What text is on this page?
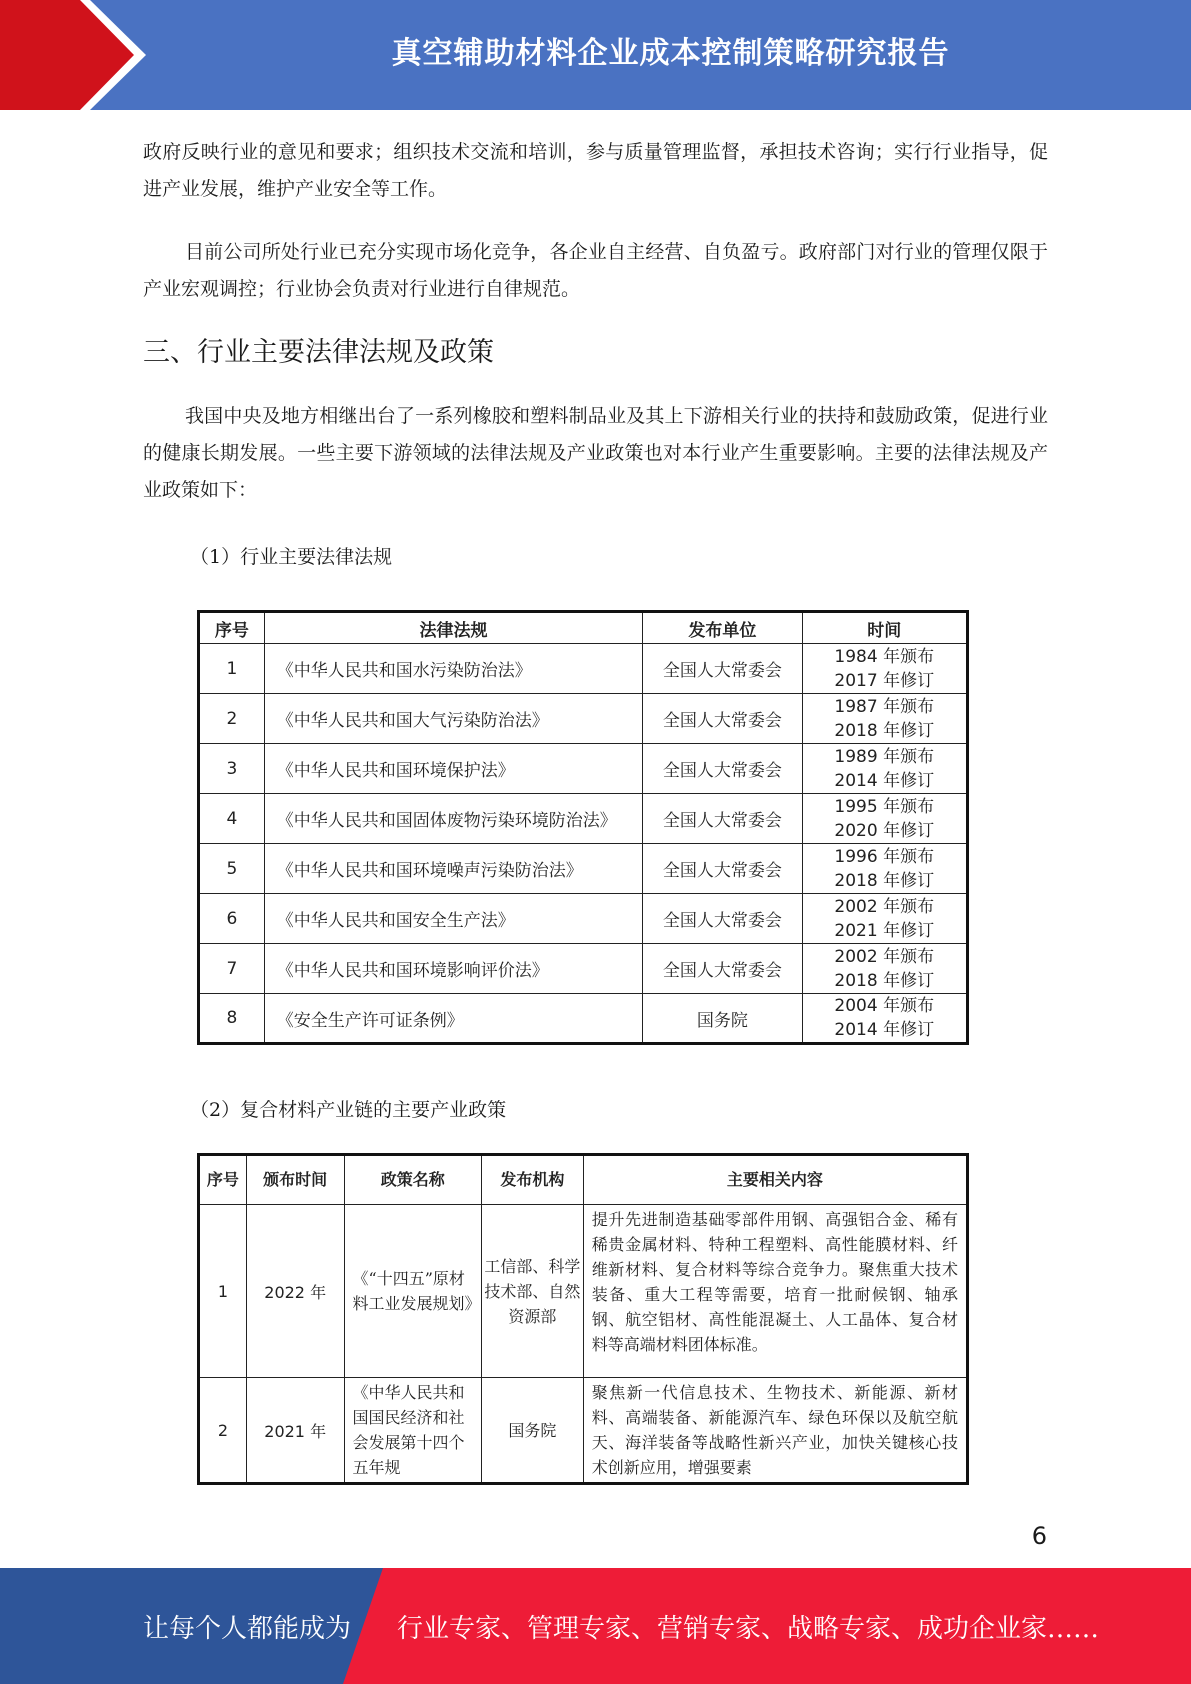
真空辅助材料企业成本控制策略研究报告

政府反映行业的意见和要求；组织技术交流和培训，参与质量管理监督，承担技术咨询；实行行业指导，促进产业发展，维护产业安全等工作。

目前公司所处行业已充分实现市场化竞争，各企业自主经营、自负盈亏。政府部门对行业的管理仅限于产业宏观调控；行业协会负责对行业进行自律规范。

三、行业主要法律法规及政策

我国中央及地方相继出台了一系列橡胶和塑料制品业及其上下游相关行业的扶持和鼓励政策，促进行业的健康长期发展。一些主要下游领域的法律法规及产业政策也对本行业产生重要影响。主要的法律法规及产业政策如下：

（1）行业主要法律法规

序号	法律法规	发布单位	时间
1	《中华人民共和国水污染防治法》	全国人大常委会	1984 年颁布
2017 年修订

2	《中华人民共和国大气污染防治法》	全国人大常委会	1987 年颁布
2018 年修订

3	《中华人民共和国环境保护法》	全国人大常委会	1989 年颁布
2014 年修订

4	《中华人民共和国固体废物污染环境防治法》	全国人大常委会	1995 年颁布
2020 年修订

5	《中华人民共和国环境噪声污染防治法》	全国人大常委会	1996 年颁布
2018 年修订

6	《中华人民共和国安全生产法》	全国人大常委会	2002 年颁布
2021 年修订

7	《中华人民共和国环境影响评价法》	全国人大常委会	2002 年颁布
2018 年修订

8	《安全生产许可证条例》	国务院	2004 年颁布
2014 年修订

（2）复合材料产业链的主要产业政策

序号	颁布时间	政策名称	发布机构	主要相关内容
1	2022 年	《“十四五”原材料工业发展规划》	工信部、科学技术部、自然资源部	提升先进制造基础零部件用钢、高强铝合金、稀有稀贵金属材料、特种工程塑料、高性能膜材料、纤维新材料、复合材料等综合竞争力。聚焦重大技术装备、重大工程等需要，培育一批耐候钢、轴承钢、航空铝材、高性能混凝土、人工晶体、复合材料等高端材料团体标准。
2	2021 年	《中华人民共和国国民经济和社会发展第十四个五年规	国务院	聚焦新一代信息技术、生物技术、新能源、新材料、高端装备、新能源汽车、绿色环保以及航空航天、海洋装备等战略性新兴产业，加快关键核心技术创新应用，增强要素
6
让每个人都能成为 行业专家、管理专家、营销专家、战略专家、成功企业家……
